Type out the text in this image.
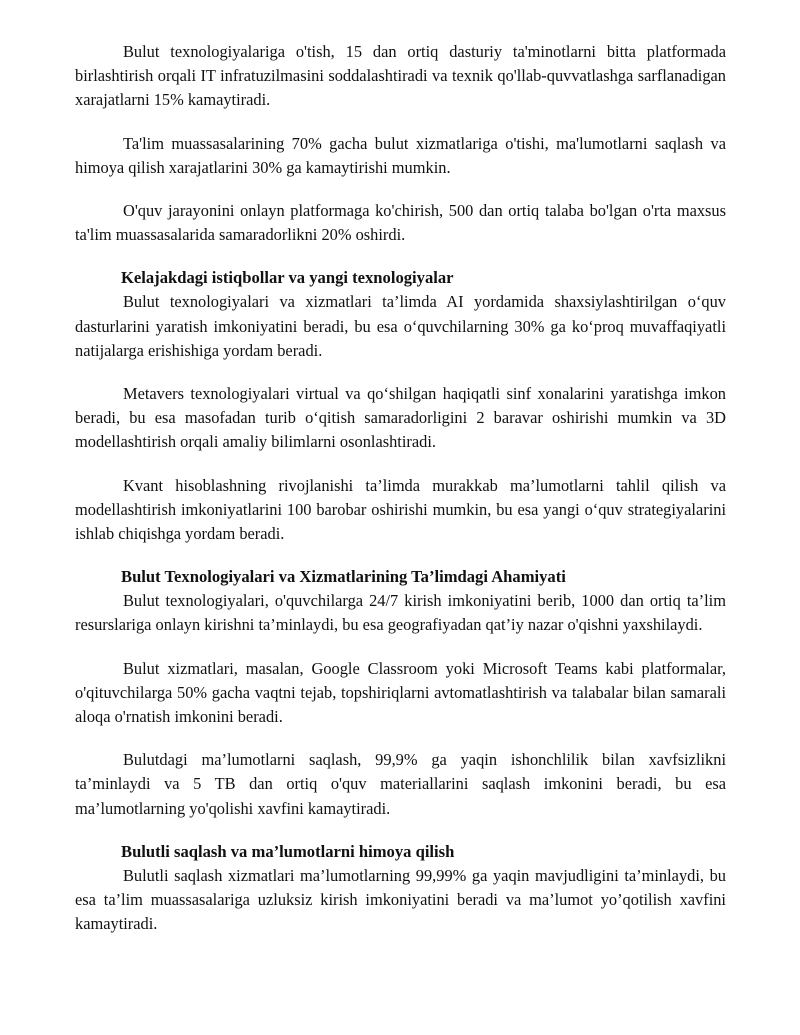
Bulut texnologiyalariga o'tish, 15 dan ortiq dasturiy ta'minotlarni bitta platformada birlashtirish orqali IT infratuzilmasini soddalashtiradi va texnik qo'llab-quvvatlashga sarflanadigan xarajatlarni 15% kamaytiradi.

Ta'lim muassasalarining 70% gacha bulut xizmatlariga o'tishi, ma'lumotlarni saqlash va himoya qilish xarajatlarini 30% ga kamaytirishi mumkin.

O'quv jarayonini onlayn platformaga ko'chirish, 500 dan ortiq talaba bo'lgan o'rta maxsus ta'lim muassasalarida samaradorlikni 20% oshirdi.

Kelajakdagi istiqbollar va yangi texnologiyalar

Bulut texnologiyalari va xizmatlari ta’limda AI yordamida shaxsiylashtirilgan o‘quv dasturlarini yaratish imkoniyatini beradi, bu esa o‘quvchilarning 30% ga ko‘proq muvaffaqiyatli natijalarga erishishiga yordam beradi.

Metavers texnologiyalari virtual va qo‘shilgan haqiqatli sinf xonalarini yaratishga imkon beradi, bu esa masofadan turib o‘qitish samaradorligini 2 baravar oshirishi mumkin va 3D modellashtirish orqali amaliy bilimlarni osonlashtiradi.

Kvant hisoblashning rivojlanishi ta’limda murakkab ma’lumotlarni tahlil qilish va modellashtirish imkoniyatlarini 100 barobar oshirishi mumkin, bu esa yangi o‘quv strategiyalarini ishlab chiqishga yordam beradi.

Bulut Texnologiyalari va Xizmatlarining Ta’limdagi Ahamiyati

Bulut texnologiyalari, o'quvchilarga 24/7 kirish imkoniyatini berib, 1000 dan ortiq ta’lim resurslariga onlayn kirishni ta’minlaydi, bu esa geografiyadan qat’iy nazar o'qishni yaxshilaydi.

Bulut xizmatlari, masalan, Google Classroom yoki Microsoft Teams kabi platformalar, o'qituvchilarga 50% gacha vaqtni tejab, topshiriqlarni avtomatlashtirish va talabalar bilan samarali aloqa o'rnatish imkonini beradi.

Bulutdagi ma’lumotlarni saqlash, 99,9% ga yaqin ishonchlilik bilan xavfsizlikni ta’minlaydi va 5 TB dan ortiq o'quv materiallarini saqlash imkonini beradi, bu esa ma’lumotlarning yo'qolishi xavfini kamaytiradi.

Bulutli saqlash va ma’lumotlarni himoya qilish

Bulutli saqlash xizmatlari ma’lumotlarning 99,99% ga yaqin mavjudligini ta’minlaydi, bu esa ta’lim muassasalariga uzluksiz kirish imkoniyatini beradi va ma’lumot yo’qotilish xavfini kamaytiradi.
